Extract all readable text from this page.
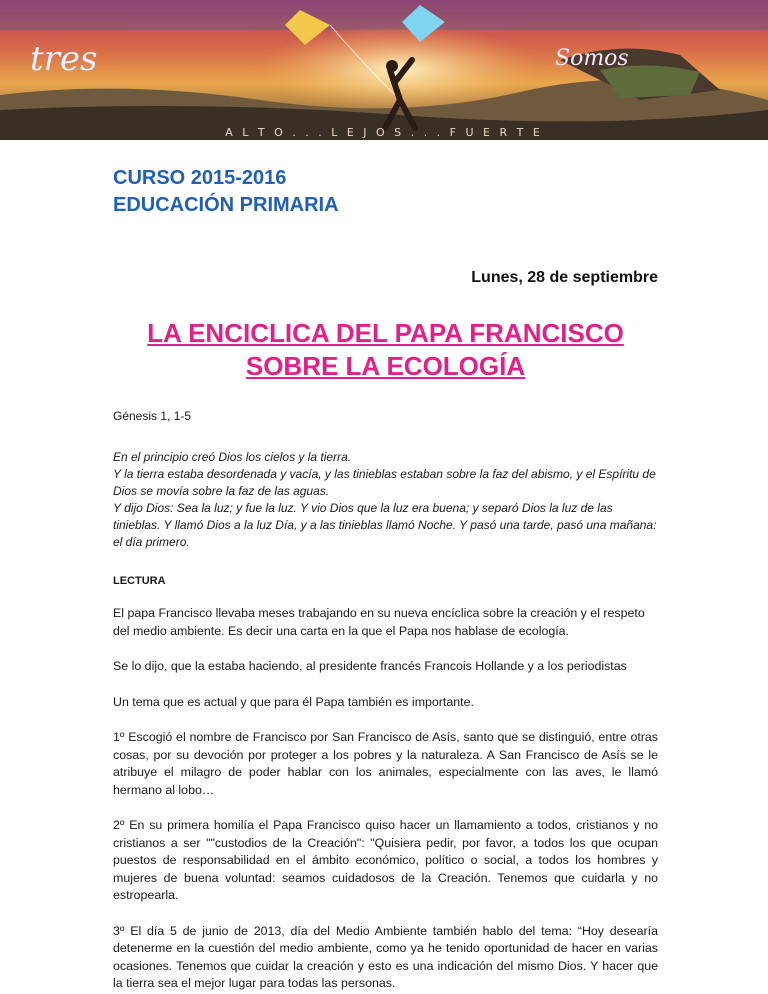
tres	Somos
A L T O . . . L E J O S . . . F U E R T E

CURSO 2015-2016

EDUCACIÓN PRIMARIA

Lunes, 28 de septiembre
LA ENCICLICA DEL PAPA FRANCISCO SOBRE LA ECOLOGÍA
Génesis 1, 1-5
En el principio creó Dios los cielos y la tierra.
Y la tierra estaba desordenada y vacía, y las tinieblas estaban sobre la faz del abismo, y el Espíritu de Dios se movía sobre la faz de las aguas.
Y dijo Dios: Sea la luz; y fue la luz. Y vio Dios que la luz era buena; y separó Dios la luz de las tinieblas. Y llamó Dios a la luz Día, y a las tinieblas llamó Noche. Y pasó una tarde, pasó una mañana: el día primero.
LECTURA
El papa Francisco llevaba meses trabajando en su nueva encíclica sobre la creación y el respeto del medio ambiente. Es decir una carta en la que el Papa nos hablase de ecología.
Se lo dijo, que la estaba haciendo, al presidente francés Francois Hollande y a los periodistas
Un tema que es actual y que para él Papa también es importante.
1º Escogió el nombre de Francisco por San Francisco de Asís, santo que se distinguió, entre otras cosas, por su devoción por proteger a los pobres y la naturaleza. A San Francisco de Asís se le atribuye el milagro de poder hablar con los animales, especialmente con las aves, le llamó hermano al lobo…
2º En su primera homilía el Papa Francisco quiso hacer un llamamiento a todos, cristianos y no cristianos a ser ""custodios de la Creación": "Quisiera pedir, por favor, a todos los que ocupan puestos de responsabilidad en el ámbito económico, político o social, a todos los hombres y mujeres de buena voluntad: seamos cuidadosos de la Creación. Tenemos que cuidarla y no estropearla.
3º El día 5 de junio de 2013, día del Medio Ambiente también hablo del tema: “Hoy desearía detenerme en la cuestión del medio ambiente, como ya he tenido oportunidad de hacer en varias ocasiones. Tenemos que cuidar la creación y esto es una indicación del mismo Dios. Y hacer que la tierra sea el mejor lugar para todas las personas.
